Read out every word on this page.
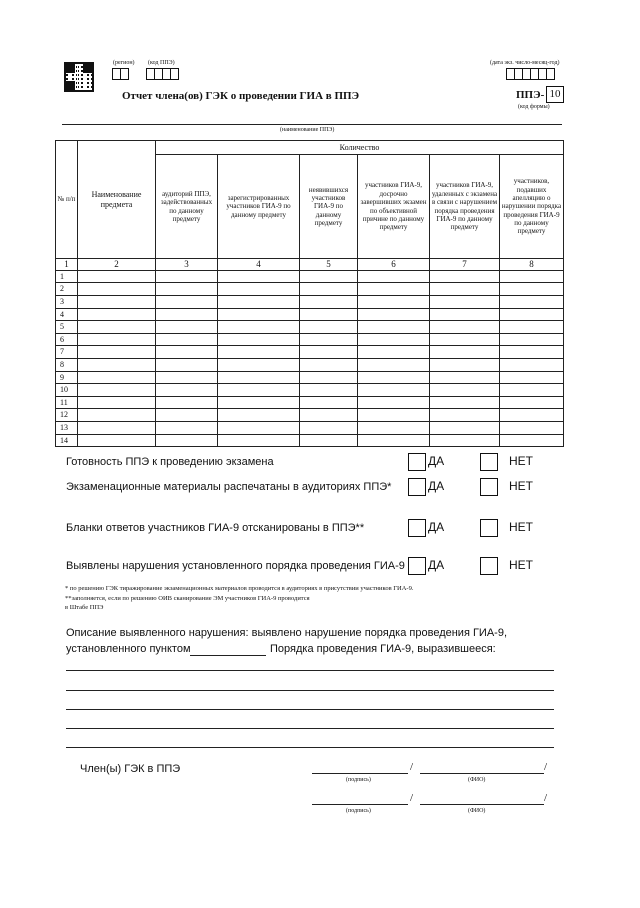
(регион) (код ППЭ)	(дата экз. число-месяц-год)
Отчет члена(ов) ГЭК о проведении ГИА в ППЭ	ППЭ- 10
(код формы)
(наименование ППЭ)
№ п/п	Наименование предмета	Количество					
		аудиторий ППЭ, задействованных по данному предмету	зарегистрированных участников ГИА-9 по данному предмету	неявившихся участников ГИА-9 по данному предмету	участников ГИА-9, досрочно завершивших экзамен по объективной причине по данному предмету	участников ГИА-9, удаленных с экзамена в связи с нарушением порядка проведения ГИА-9 по данному предмету	участников, подавших апелляцию о нарушении порядка проведения ГИА-9 по данному предмету
1	2	3	4	5	6	7	8
1							
2							
3							
4							
5							
6							
7							
8							
9							
10							
11							
12							
13							
14							
Готовность ППЭ к проведению экзамена	ДА	НЕТ
Экзаменационные материалы распечатаны в аудиториях ППЭ*	ДА	НЕТ
Бланки ответов участников ГИА-9 отсканированы в ППЭ**	ДА	НЕТ
Выявлены нарушения установленного порядка проведения ГИА-9 ДА	НЕТ
* по решению ГЭК тиражирование экзаменационных материалов проводится в аудиториях в присутствии участников ГИА-9.
**заполняется, если по решению ОИВ сканирование ЭМ участников ГИА-9 проводится
в Штабе ППЭ
Описание выявленного нарушения: выявлено нарушение порядка проведения ГИА-9,
установленного пунктом	Порядка проведения ГИА-9, выразившееся:
Член(ы) ГЭК в ППЭ	/	/
(подпись)	(ФИО)
/	/
(подпись)	(ФИО)
